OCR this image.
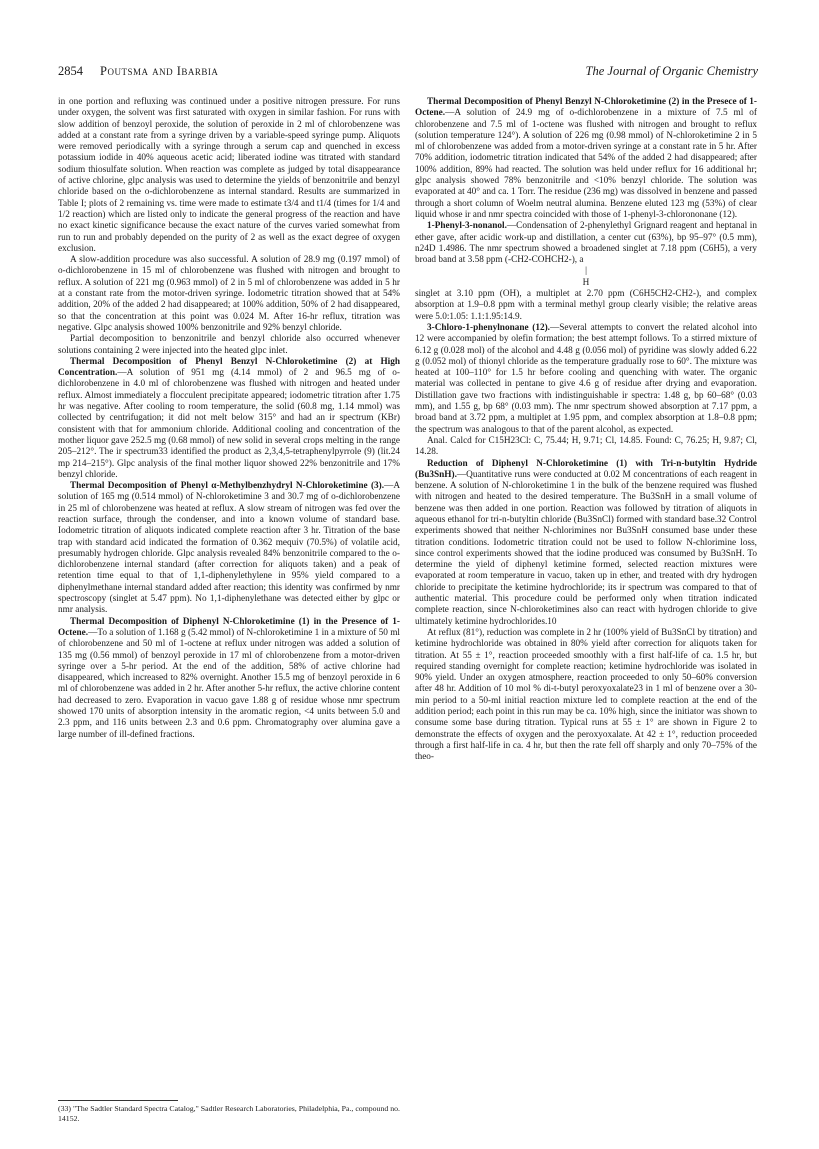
2854 Poutsma and Ibarbia	The Journal of Organic Chemistry

in one portion and refluxing was continued under a positive nitrogen pressure. For runs under oxygen, the solvent was first saturated with oxygen in similar fashion. For runs with slow addition of benzoyl peroxide, the solution of peroxide in 2 ml of chlorobenzene was added at a constant rate from a syringe driven by a variable-speed syringe pump. Aliquots were removed periodically with a syringe through a serum cap and quenched in excess potassium iodide in 40% aqueous acetic acid; liberated iodine was titrated with standard sodium thiosulfate solution. When reaction was complete as judged by total disappearance of active chlorine, glpc analysis was used to determine the yields of benzonitrile and benzyl chloride based on the o-dichlorobenzene as internal standard. Results are summarized in Table I; plots of 2 remaining vs. time were made to estimate t3/4 and t1/4 (times for 1/4 and 1/2 reaction) which are listed only to indicate the general progress of the reaction and have no exact kinetic significance because the exact nature of the curves varied somewhat from run to run and probably depended on the purity of 2 as well as the exact degree of oxygen exclusion.

A slow-addition procedure was also successful. A solution of 28.9 mg (0.197 mmol) of o-dichlorobenzene in 15 ml of chlorobenzene was flushed with nitrogen and brought to reflux. A solution of 221 mg (0.963 mmol) of 2 in 5 ml of chlorobenzene was added in 5 hr at a constant rate from the motor-driven syringe. Iodometric titration showed that at 54% addition, 20% of the added 2 had disappeared; at 100% addition, 50% of 2 had disappeared, so that the concentration at this point was 0.024 M. After 16-hr reflux, titration was negative. Glpc analysis showed 100% benzonitrile and 92% benzyl chloride.

Partial decomposition to benzonitrile and benzyl chloride also occurred whenever solutions containing 2 were injected into the heated glpc inlet.

Thermal Decomposition of Phenyl Benzyl N-Chloroketimine (2) at High Concentration.—A solution of 951 mg (4.14 mmol) of 2 and 96.5 mg of o-dichlorobenzene in 4.0 ml of chlorobenzene was flushed with nitrogen and heated under reflux. Almost immediately a flocculent precipitate appeared; iodometric titration after 1.75 hr was negative. After cooling to room temperature, the solid (60.8 mg, 1.14 mmol) was collected by centrifugation; it did not melt below 315° and had an ir spectrum (KBr) consistent with that for ammonium chloride. Additional cooling and concentration of the mother liquor gave 252.5 mg (0.68 mmol) of new solid in several crops melting in the range 205–212°. The ir spectrum33 identified the product as 2,3,4,5-tetraphenylpyrrole (9) (lit.24 mp 214–215°). Glpc analysis of the final mother liquor showed 22% benzonitrile and 17% benzyl chloride.

Thermal Decomposition of Phenyl α-Methylbenzhydryl N-Chloroketimine (3).—A solution of 165 mg (0.514 mmol) of N-chloroketimine 3 and 30.7 mg of o-dichlorobenzene in 25 ml of chlorobenzene was heated at reflux. A slow stream of nitrogen was fed over the reaction surface, through the condenser, and into a known volume of standard base. Iodometric titration of aliquots indicated complete reaction after 3 hr. Titration of the base trap with standard acid indicated the formation of 0.362 mequiv (70.5%) of volatile acid, presumably hydrogen chloride. Glpc analysis revealed 84% benzonitrile compared to the o-dichlorobenzene internal standard (after correction for aliquots taken) and a peak of retention time equal to that of 1,1-diphenylethylene in 95% yield compared to a diphenylmethane internal standard added after reaction; this identity was confirmed by nmr spectroscopy (singlet at 5.47 ppm). No 1,1-diphenylethane was detected either by glpc or nmr analysis.

Thermal Decomposition of Diphenyl N-Chloroketimine (1) in the Presence of 1-Octene.—To a solution of 1.168 g (5.42 mmol) of N-chloroketimine 1 in a mixture of 50 ml of chlorobenzene and 50 ml of 1-octene at reflux under nitrogen was added a solution of 135 mg (0.56 mmol) of benzoyl peroxide in 17 ml of chlorobenzene from a motor-driven syringe over a 5-hr period. At the end of the addition, 58% of active chlorine had disappeared, which increased to 82% overnight. Another 15.5 mg of benzoyl peroxide in 6 ml of chlorobenzene was added in 2 hr. After another 5-hr reflux, the active chlorine content had decreased to zero. Evaporation in vacuo gave 1.88 g of residue whose nmr spectrum showed 170 units of absorption intensity in the aromatic region, <4 units between 5.0 and 2.3 ppm, and 116 units between 2.3 and 0.6 ppm. Chromatography over alumina gave a large number of ill-defined fractions.

Thermal Decomposition of Phenyl Benzyl N-Chloroketimine (2) in the Presece of 1-Octene.—A solution of 24.9 mg of o-dichlorobenzene in a mixture of 7.5 ml of chlorobenzene and 7.5 ml of 1-octene was flushed with nitrogen and brought to reflux (solution temperature 124°). A solution of 226 mg (0.98 mmol) of N-chloroketimine 2 in 5 ml of chlorobenzene was added from a motor-driven syringe at a constant rate in 5 hr. After 70% addition, iodometric titration indicated that 54% of the added 2 had disappeared; after 100% addition, 89% had reacted. The solution was held under reflux for 16 additional hr; glpc analysis showed 78% benzonitrile and <10% benzyl chloride. The solution was evaporated at 40° and ca. 1 Torr. The residue (236 mg) was dissolved in benzene and passed through a short column of Woelm neutral alumina. Benzene eluted 123 mg (53%) of clear liquid whose ir and nmr spectra coincided with those of 1-phenyl-3-chlorononane (12).

1-Phenyl-3-nonanol.—Condensation of 2-phenylethyl Grignard reagent and heptanal in ether gave, after acidic work-up and distillation, a center cut (63%), bp 95–97° (0.5 mm), n24D 1.4986. The nmr spectrum showed a broadened singlet at 7.18 ppm (C6H5), a very broad band at 3.58 ppm (-CH2-COHCH2-), a

|

H

singlet at 3.10 ppm (OH), a multiplet at 2.70 ppm (C6H5CH2-CH2-), and complex absorption at 1.9–0.8 ppm with a terminal methyl group clearly visible; the relative areas were 5.0:1.05: 1.1:1.95:14.9.

3-Chloro-1-phenylnonane (12).—Several attempts to convert the related alcohol into 12 were accompanied by olefin formation; the best attempt follows. To a stirred mixture of 6.12 g (0.028 mol) of the alcohol and 4.48 g (0.056 mol) of pyridine was slowly added 6.22 g (0.052 mol) of thionyl chloride as the temperature gradually rose to 60°. The mixture was heated at 100–110° for 1.5 hr before cooling and quenching with water. The organic material was collected in pentane to give 4.6 g of residue after drying and evaporation. Distillation gave two fractions with indistinguishable ir spectra: 1.48 g, bp 60–68° (0.03 mm), and 1.55 g, bp 68° (0.03 mm). The nmr spectrum showed absorption at 7.17 ppm, a broad band at 3.72 ppm, a multiplet at 1.95 ppm, and complex absorption at 1.8–0.8 ppm; the spectrum was analogous to that of the parent alcohol, as expected.

Anal. Calcd for C15H23Cl: C, 75.44; H, 9.71; Cl, 14.85. Found: C, 76.25; H, 9.87; Cl, 14.28.

Reduction of Diphenyl N-Chloroketimine (1) with Tri-n-butyltin Hydride (Bu3SnH).—Quantitative runs were conducted at 0.02 M concentrations of each reagent in benzene. A solution of N-chloroketimine 1 in the bulk of the benzene required was flushed with nitrogen and heated to the desired temperature. The Bu3SnH in a small volume of benzene was then added in one portion. Reaction was followed by titration of aliquots in aqueous ethanol for tri-n-butyltin chloride (Bu3SnCl) formed with standard base.32 Control experiments showed that neither N-chlorimines nor Bu3SnH consumed base under these titration conditions. Iodometric titration could not be used to follow N-chlorimine loss, since control experiments showed that the iodine produced was consumed by Bu3SnH. To determine the yield of diphenyl ketimine formed, selected reaction mixtures were evaporated at room temperature in vacuo, taken up in ether, and treated with dry hydrogen chloride to precipitate the ketimine hydrochloride; its ir spectrum was compared to that of authentic material. This procedure could be performed only when titration indicated complete reaction, since N-chloroketimines also can react with hydrogen chloride to give ultimately ketimine hydrochlorides.10

At reflux (81°), reduction was complete in 2 hr (100% yield of Bu3SnCl by titration) and ketimine hydrochloride was obtained in 80% yield after correction for aliquots taken for titration. At 55 ± 1°, reaction proceeded smoothly with a first half-life of ca. 1.5 hr, but required standing overnight for complete reaction; ketimine hydrochloride was isolated in 90% yield. Under an oxygen atmosphere, reaction proceeded to only 50–60% conversion after 48 hr. Addition of 10 mol % di-t-butyl peroxyoxalate23 in 1 ml of benzene over a 30-min period to a 50-ml initial reaction mixture led to complete reaction at the end of the addition period; each point in this run may be ca. 10% high, since the initiator was shown to consume some base during titration. Typical runs at 55 ± 1° are shown in Figure 2 to demonstrate the effects of oxygen and the peroxyoxalate. At 42 ± 1°, reduction proceeded through a first half-life in ca. 4 hr, but then the rate fell off sharply and only 70–75% of the theo-

(33) "The Sadtler Standard Spectra Catalog," Sadtler Research Laboratories, Philadelphia, Pa., compound no. 14152.
